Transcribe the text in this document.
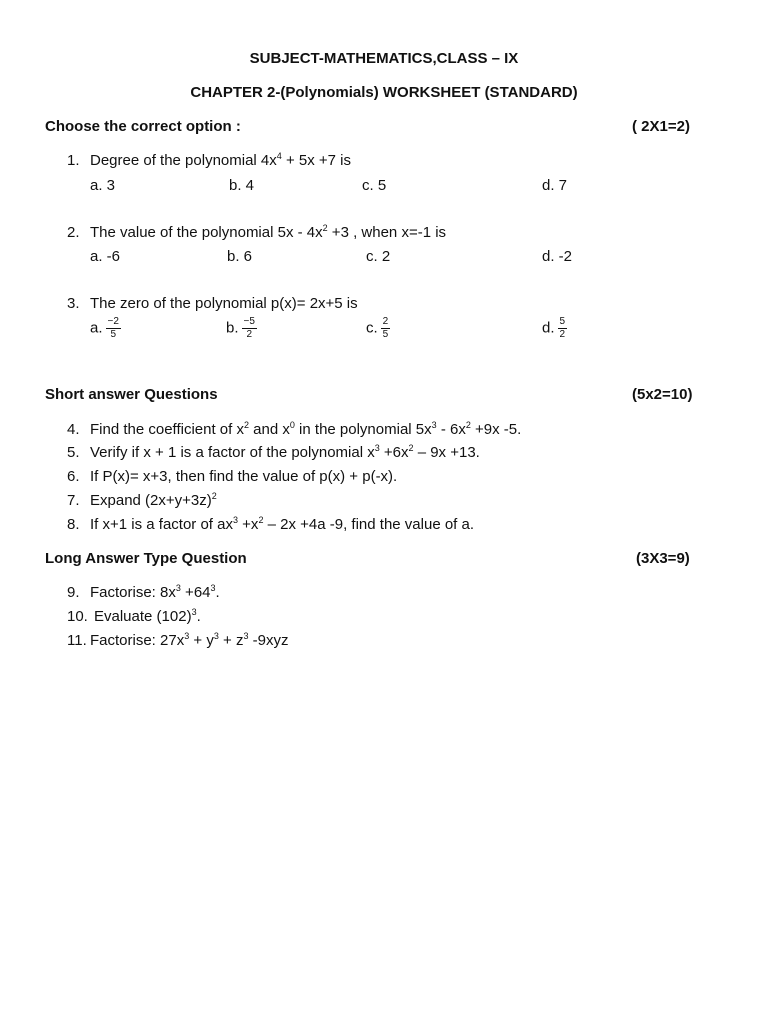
SUBJECT-MATHEMATICS,CLASS – IX
CHAPTER 2-(Polynomials) WORKSHEET (STANDARD)
Choose the correct option :	( 2X1=2)
1. Degree of the polynomial $4x^4 + 5x +7$ is
a. 3	b. 4	c. 5	d. 7
2. The value of the polynomial $5x - 4x^2 +3$ , when x=-1 is
a. -6	b. 6	c. 2	d. -2
3. The zero of the polynomial p(x)= 2x+5 is
a. $\frac{-2}{5}$	b. $\frac{-5}{2}$	c. $\frac{2}{5}$	d. $\frac{5}{2}$
Short answer Questions	(5x2=10)
4. Find the coefficient of $x^2$ and $x^0$ in the polynomial $5x^3 - 6x^2 +9x$ -5.
5. Verify if x + 1 is a factor of the polynomial $x^3 +6x^2 - 9x +13$.
6. If P(x)= x+3, then find the value of p(x) + p(-x).
7. Expand $(2x+y+3z)^2$
8. If x+1 is a factor of $ax^3 +x^2 - 2x +4a$ -9, find the value of a.
Long Answer Type Question	(3X3=9)
9. Factorise: $8x^3 +64^3$.
10. Evaluate $(102)^3$.
11. Factorise: $27x^3 + y^3 + z^3$ -9xyz
